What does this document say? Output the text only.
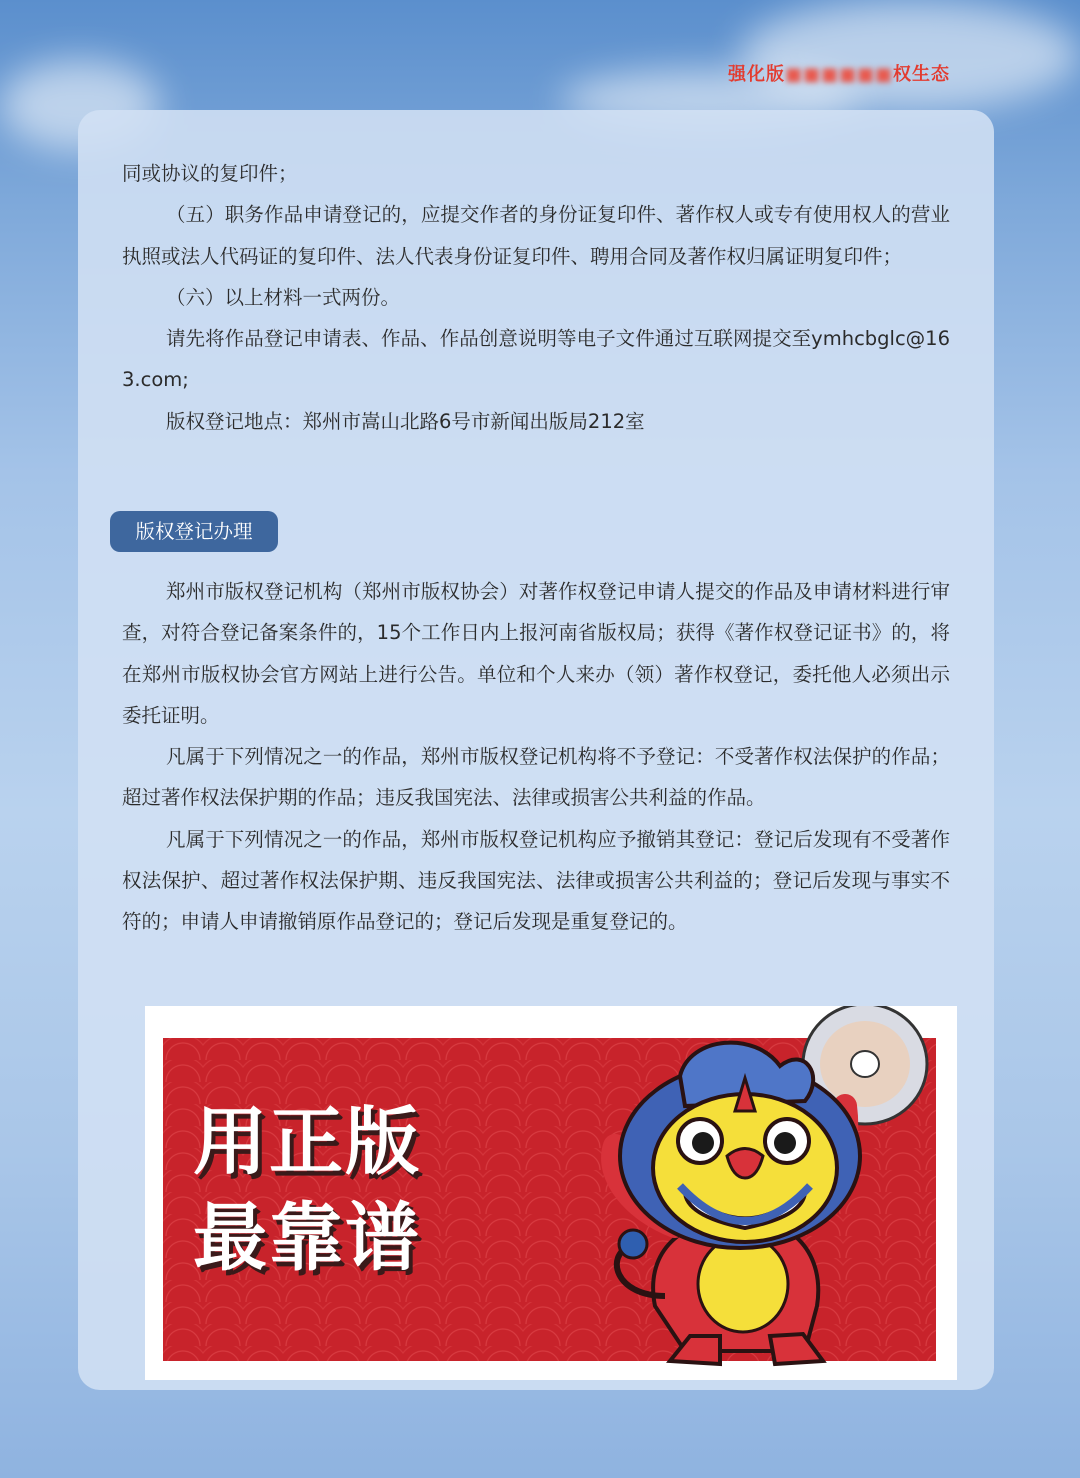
强化版■■■■■■权生态

同或协议的复印件；

（五）职务作品申请登记的，应提交作者的身份证复印件、著作权人或专有使用权人的营业执照或法人代码证的复印件、法人代表身份证复印件、聘用合同及著作权归属证明复印件；

（六）以上材料一式两份。

请先将作品登记申请表、作品、作品创意说明等电子文件通过互联网提交至ymhcbglc@163.com;

版权登记地点：郑州市嵩山北路6号市新闻出版局212室

版权登记办理

郑州市版权登记机构（郑州市版权协会）对著作权登记申请人提交的作品及申请材料进行审查，对符合登记备案条件的，15个工作日内上报河南省版权局；获得《著作权登记证书》的，将在郑州市版权协会官方网站上进行公告。单位和个人来办（领）著作权登记，委托他人必须出示委托证明。

凡属于下列情况之一的作品，郑州市版权登记机构将不予登记：不受著作权法保护的作品；超过著作权法保护期的作品；违反我国宪法、法律或损害公共利益的作品。

凡属于下列情况之一的作品，郑州市版权登记机构应予撤销其登记：登记后发现有不受著作权法保护、超过著作权法保护期、违反我国宪法、法律或损害公共利益的；登记后发现与事实不符的；申请人申请撤销原作品登记的；登记后发现是重复登记的。

用正版
最靠谱
